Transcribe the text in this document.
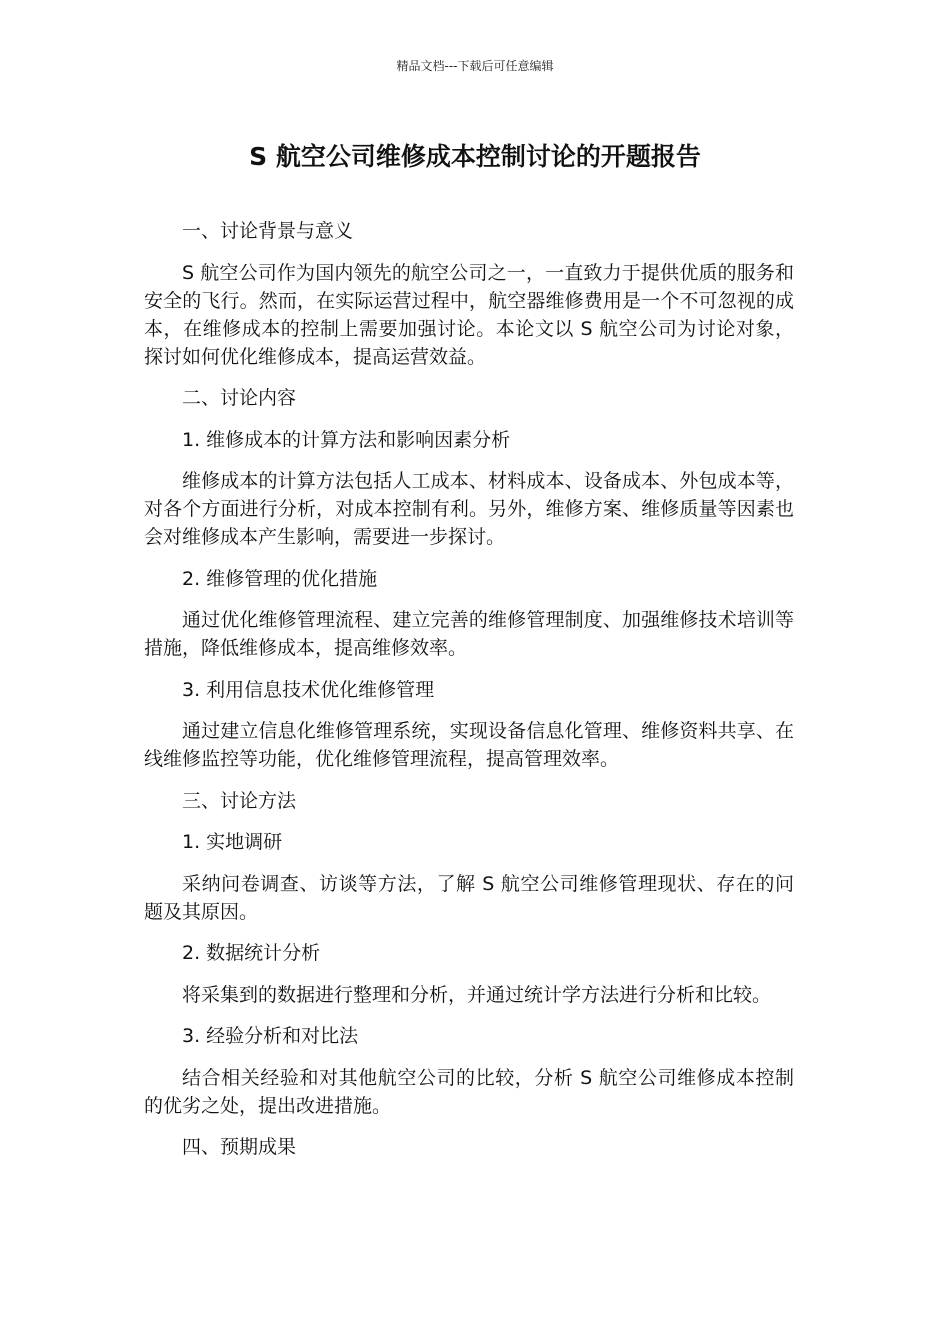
精品文档---下载后可任意编辑
S 航空公司维修成本控制讨论的开题报告
一、讨论背景与意义
S 航空公司作为国内领先的航空公司之一，一直致力于提供优质的服务和安全的飞行。然而，在实际运营过程中，航空器维修费用是一个不可忽视的成本，在维修成本的控制上需要加强讨论。本论文以 S 航空公司为讨论对象，探讨如何优化维修成本，提高运营效益。
二、讨论内容
1. 维修成本的计算方法和影响因素分析
维修成本的计算方法包括人工成本、材料成本、设备成本、外包成本等，对各个方面进行分析，对成本控制有利。另外，维修方案、维修质量等因素也会对维修成本产生影响，需要进一步探讨。
2. 维修管理的优化措施
通过优化维修管理流程、建立完善的维修管理制度、加强维修技术培训等措施，降低维修成本，提高维修效率。
3. 利用信息技术优化维修管理
通过建立信息化维修管理系统，实现设备信息化管理、维修资料共享、在线维修监控等功能，优化维修管理流程，提高管理效率。
三、讨论方法
1. 实地调研
采纳问卷调查、访谈等方法，了解 S 航空公司维修管理现状、存在的问题及其原因。
2. 数据统计分析
将采集到的数据进行整理和分析，并通过统计学方法进行分析和比较。
3. 经验分析和对比法
结合相关经验和对其他航空公司的比较，分析 S 航空公司维修成本控制的优劣之处，提出改进措施。
四、预期成果
